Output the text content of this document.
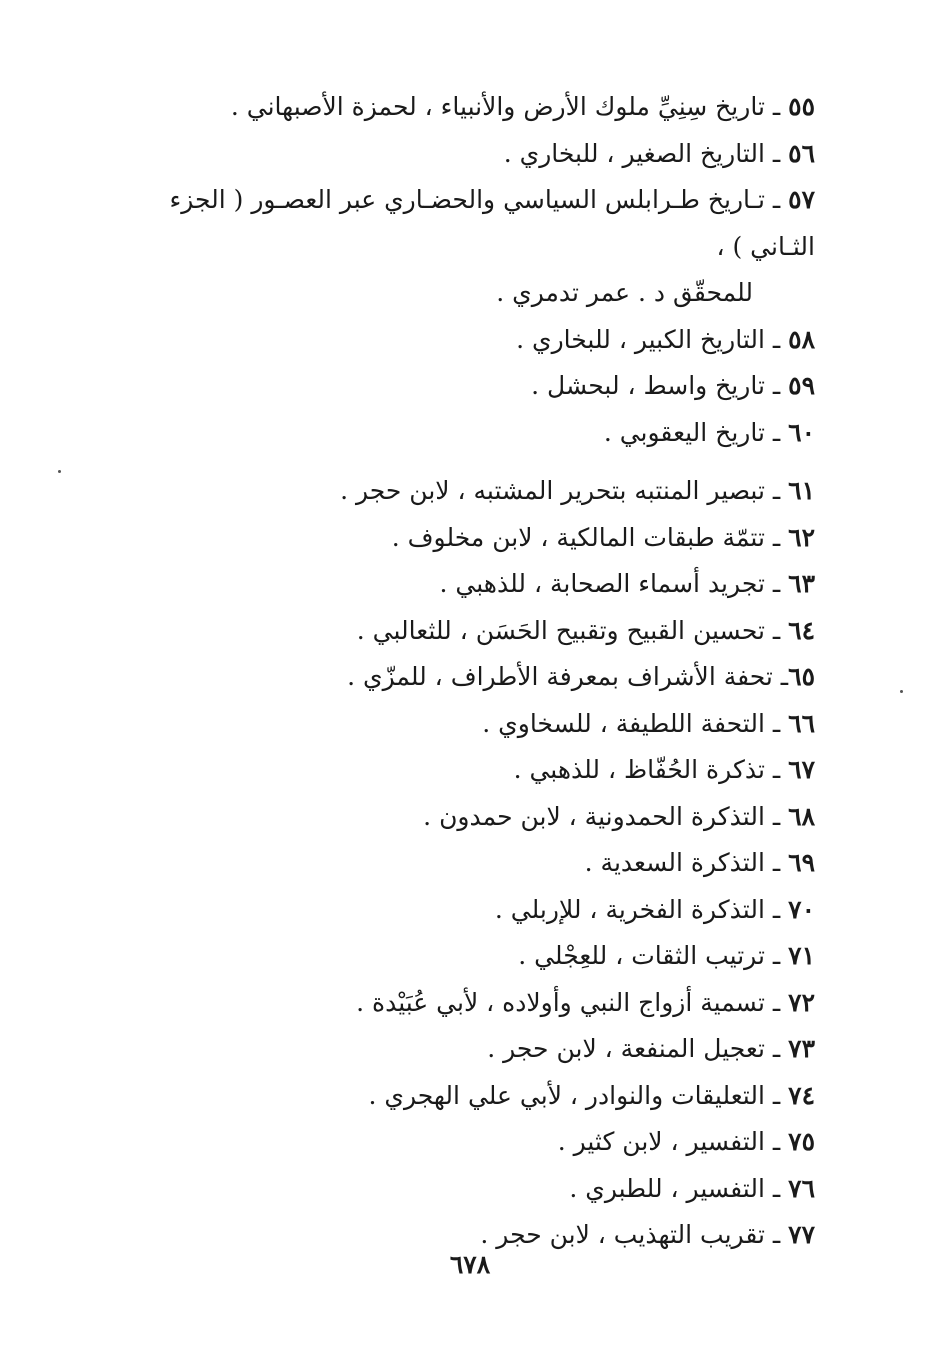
٥٥ ـ تاريخ سِنِيِّ ملوك الأرض والأنبياء ، لحمزة الأصبهاني .
٥٦ ـ التاريخ الصغير ، للبخاري .
٥٧ ـ تـاريخ طـرابلس السياسي والحضـاري عبر العصـور ( الجزء الثـاني ) ،
للمحقّق د . عمر تدمري .
٥٨ ـ التاريخ الكبير ، للبخاري .
٥٩ ـ تاريخ واسط ، لبحشل .
٦٠ ـ تاريخ اليعقوبي .
٦١ ـ تبصير المنتبه بتحرير المشتبه ، لابن حجر .
٦٢ ـ تتمّة طبقات المالكية ، لابن مخلوف .
٦٣ ـ تجريد أسماء الصحابة ، للذهبي .
٦٤ ـ تحسين القبيح وتقبيح الحَسَن ، للثعالبي .
٦٥ـ تحفة الأشراف بمعرفة الأطراف ، للمزّي .
٦٦ ـ التحفة اللطيفة ، للسخاوي .
٦٧ ـ تذكرة الحُفّاظ ، للذهبي .
٦٨ ـ التذكرة الحمدونية ، لابن حمدون .
٦٩ ـ التذكرة السعدية .
٧٠ ـ التذكرة الفخرية ، للإربلي .
٧١ ـ ترتيب الثقات ، للعِجْلي .
٧٢ ـ تسمية أزواج النبي وأولاده ، لأبي عُبَيْدة .
٧٣ ـ تعجيل المنفعة ، لابن حجر .
٧٤ ـ التعليقات والنوادر ، لأبي علي الهجري .
٧٥ ـ التفسير ، لابن كثير .
٧٦ ـ التفسير ، للطبري .
٧٧ ـ تقريب التهذيب ، لابن حجر .
٦٧٨
